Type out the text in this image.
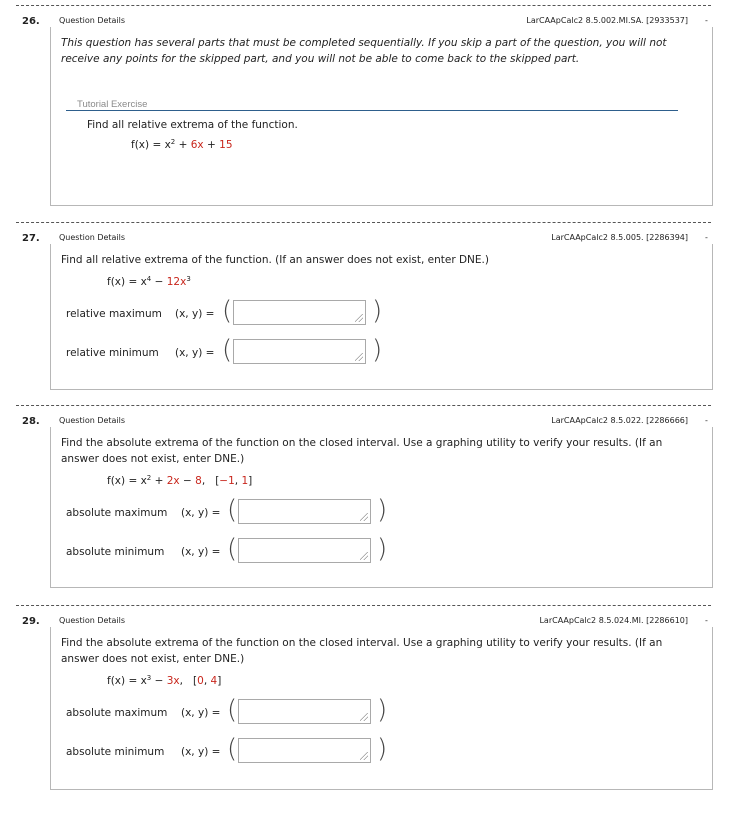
26. Question Details	LarCAApCalc2 8.5.002.MI.SA. [2933537] -
This question has several parts that must be completed sequentially. If you skip a part of the question, you will not receive any points for the skipped part, and you will not be able to come back to the skipped part.
Tutorial Exercise
Find all relative extrema of the function.
$f(x) = x^2 + 6x + 15$
27. Question Details	LarCAApCalc2 8.5.005. [2286394] -
Find all relative extrema of the function. (If an answer does not exist, enter DNE.)
$f(x) = x^4 - 12x^3$
relative maximum (x, y) = (	)
relative minimum (x, y) = (	)
28. Question Details	LarCAApCalc2 8.5.022. [2286666] -
Find the absolute extrema of the function on the closed interval. Use a graphing utility to verify your results. (If an answer does not exist, enter DNE.)
$f(x) = x^2 + 2x - 8$, [−1, 1]
absolute maximum (x, y) = (	)
absolute minimum (x, y) = (	)
29. Question Details	LarCAApCalc2 8.5.024.MI. [2286610] -
Find the absolute extrema of the function on the closed interval. Use a graphing utility to verify your results. (If an answer does not exist, enter DNE.)
$f(x) = x^3 - 3x$, [0, 4]
absolute maximum (x, y) = (	)
absolute minimum (x, y) = (	)
